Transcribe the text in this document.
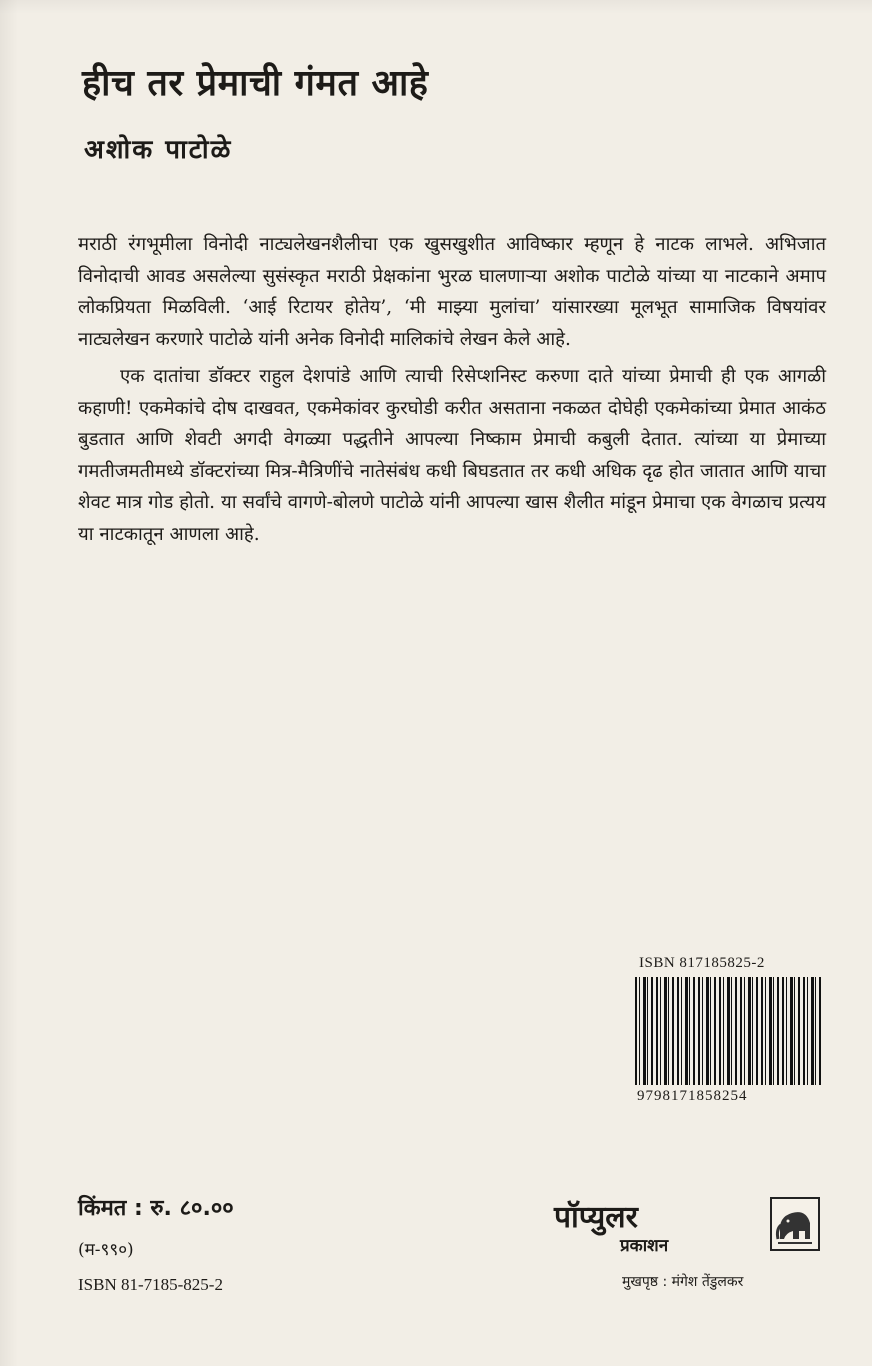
हीच तर प्रेमाची गंमत आहे
अशोक पाटोळे

मराठी रंगभूमीला विनोदी नाट्यलेखनशैलीचा एक खुसखुशीत आविष्कार म्हणून हे नाटक लाभले. अभिजात विनोदाची आवड असलेल्या सुसंस्कृत मराठी प्रेक्षकांना भुरळ घालणाऱ्या अशोक पाटोळे यांच्या या नाटकाने अमाप लोकप्रियता मिळविली. ‘आई रिटायर होतेय’, ‘मी माझ्या मुलांचा’ यांसारख्या मूलभूत सामाजिक विषयांवर नाट्यलेखन करणारे पाटोळे यांनी अनेक विनोदी मालिकांचे लेखन केले आहे.

एक दातांचा डॉक्टर राहुल देशपांडे आणि त्याची रिसेप्शनिस्ट करुणा दाते यांच्या प्रेमाची ही एक आगळी कहाणी! एकमेकांचे दोष दाखवत, एकमेकांवर कुरघोडी करीत असताना नकळत दोघेही एकमेकांच्या प्रेमात आकंठ बुडतात आणि शेवटी अगदी वेगळ्या पद्धतीने आपल्या निष्काम प्रेमाची कबुली देतात. त्यांच्या या प्रेमाच्या गमतीजमतीमध्ये डॉक्टरांच्या मित्र-मैत्रिणींचे नातेसंबंध कधी बिघडतात तर कधी अधिक दृढ होत जातात आणि याचा शेवट मात्र गोड होतो. या सर्वांचे वागणे-बोलणे पाटोळे यांनी आपल्या खास शैलीत मांडून प्रेमाचा एक वेगळाच प्रत्यय या नाटकातून आणला आहे.

ISBN 817185825-2
9798171858254
किंमत : रु. ८०.००
(म-९९०)
ISBN 81-7185-825-2
पॉप्युलर
प्रकाशन
मुखपृष्ठ : मंगेश तेंडुलकर
